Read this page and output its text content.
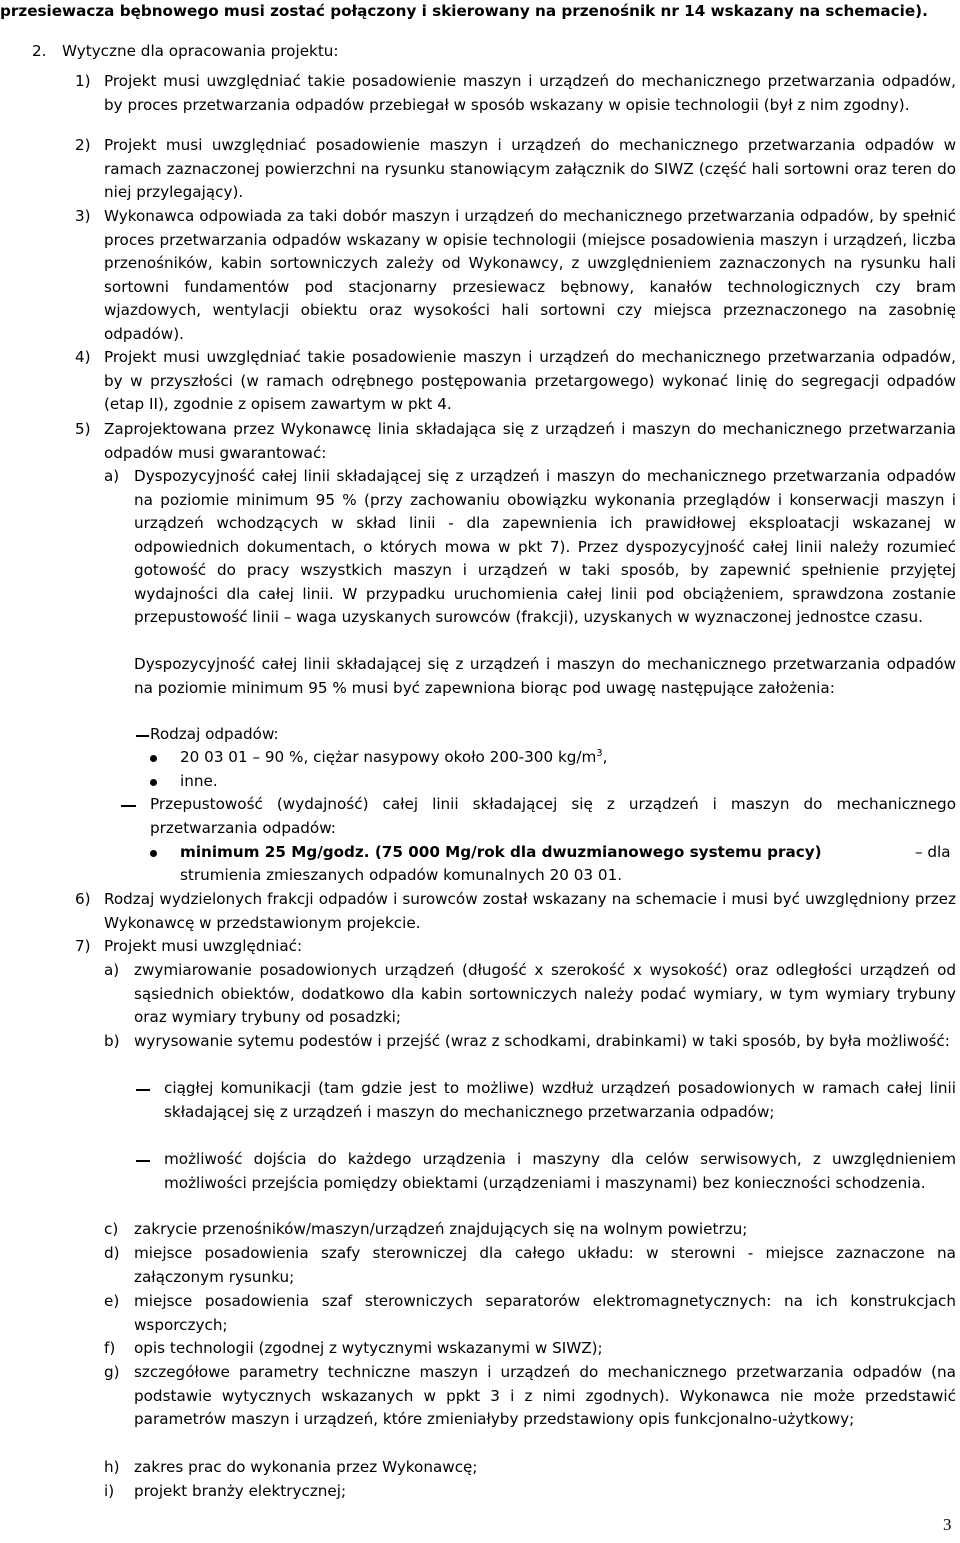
przesiewacza bębnowego musi zostać połączony i skierowany na przenośnik nr 14 wskazany na schemacie).
2. Wytyczne dla opracowania projektu:
1) Projekt musi uwzględniać takie posadowienie maszyn i urządzeń do mechanicznego przetwarzania odpadów, by proces przetwarzania odpadów przebiegał w sposób wskazany w opisie technologii (był z nim zgodny).
2) Projekt musi uwzględniać posadowienie maszyn i urządzeń do mechanicznego przetwarzania odpadów w ramach zaznaczonej powierzchni na rysunku stanowiącym załącznik do SIWZ (część hali sortowni oraz teren do niej przylegający).
3) Wykonawca odpowiada za taki dobór maszyn i urządzeń do mechanicznego przetwarzania odpadów, by spełnić proces przetwarzania odpadów wskazany w opisie technologii (miejsce posadowienia maszyn i urządzeń, liczba przenośników, kabin sortowniczych zależy od Wykonawcy, z uwzględnieniem zaznaczonych na rysunku hali sortowni fundamentów pod stacjonarny przesiewacz bębnowy, kanałów technologicznych czy bram wjazdowych, wentylacji obiektu oraz wysokości hali sortowni czy miejsca przeznaczonego na zasobnię odpadów).
4) Projekt musi uwzględniać takie posadowienie maszyn i urządzeń do mechanicznego przetwarzania odpadów, by w przyszłości (w ramach odrębnego postępowania przetargowego) wykonać linię do segregacji odpadów (etap II), zgodnie z opisem zawartym w pkt 4.
5) Zaprojektowana przez Wykonawcę linia składająca się z urządzeń i maszyn do mechanicznego przetwarzania odpadów musi gwarantować:
a) Dyspozycyjność całej linii składającej się z urządzeń i maszyn do mechanicznego przetwarzania odpadów na poziomie minimum 95 % (przy zachowaniu obowiązku wykonania przeglądów i konserwacji maszyn i urządzeń wchodzących w skład linii - dla zapewnienia ich prawidłowej eksploatacji wskazanej w odpowiednich dokumentach, o których mowa w pkt 7). Przez dyspozycyjność całej linii należy rozumieć gotowość do pracy wszystkich maszyn i urządzeń w taki sposób, by zapewnić spełnienie przyjętej wydajności dla całej linii. W przypadku uruchomienia całej linii pod obciążeniem, sprawdzona zostanie przepustowość linii – waga uzyskanych surowców (frakcji), uzyskanych w wyznaczonej jednostce czasu.
Dyspozycyjność całej linii składającej się z urządzeń i maszyn do mechanicznego przetwarzania odpadów na poziomie minimum 95 % musi być zapewniona biorąc pod uwagę następujące założenia:
Rodzaj odpadów:
20 03 01 – 90 %, ciężar nasypowy około 200-300 $kg/m^3$,
inne.
Przepustowość (wydajność) całej linii składającej się z urządzeń i maszyn do mechanicznego przetwarzania odpadów:
minimum 25 Mg/godz. (75 000 Mg/rok dla dwuzmianowego systemu pracy)	– dla
strumienia zmieszanych odpadów komunalnych 20 03 01.
6) Rodzaj wydzielonych frakcji odpadów i surowców został wskazany na schemacie i musi być uwzględniony przez Wykonawcę w przedstawionym projekcie.
7) Projekt musi uwzględniać:
a) zwymiarowanie posadowionych urządzeń (długość x szerokość x wysokość) oraz odległości urządzeń od sąsiednich obiektów, dodatkowo dla kabin sortowniczych należy podać wymiary, w tym wymiary trybuny oraz wymiary trybuny od posadzki;
b) wyrysowanie sytemu podestów i przejść (wraz z schodkami, drabinkami) w taki sposób, by była możliwość:
ciągłej komunikacji (tam gdzie jest to możliwe) wzdłuż urządzeń posadowionych w ramach całej linii składającej się z urządzeń i maszyn do mechanicznego przetwarzania odpadów;
możliwość dojścia do każdego urządzenia i maszyny dla celów serwisowych, z uwzględnieniem możliwości przejścia pomiędzy obiektami (urządzeniami i maszynami) bez konieczności schodzenia.
c) zakrycie przenośników/maszyn/urządzeń znajdujących się na wolnym powietrzu;
d) miejsce posadowienia szafy sterowniczej dla całego układu: w sterowni - miejsce zaznaczone na załączonym rysunku;
e) miejsce posadowienia szaf sterowniczych separatorów elektromagnetycznych: na ich konstrukcjach wsporczych;
f) opis technologii (zgodnej z wytycznymi wskazanymi w SIWZ);
g) szczegółowe parametry techniczne maszyn i urządzeń do mechanicznego przetwarzania odpadów (na podstawie wytycznych wskazanych w ppkt 3 i z nimi zgodnych). Wykonawca nie może przedstawić parametrów maszyn i urządzeń, które zmieniałyby przedstawiony opis funkcjonalno-użytkowy;
h) zakres prac do wykonania przez Wykonawcę;
i) projekt branży elektrycznej;
3
